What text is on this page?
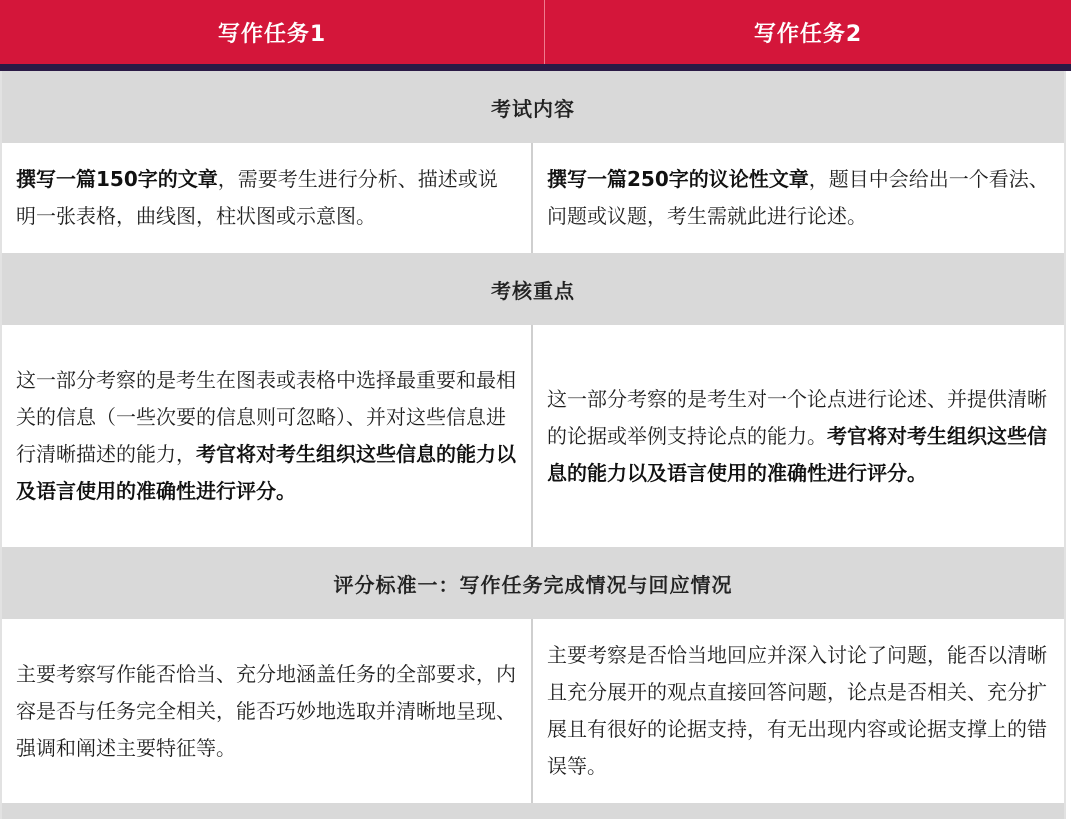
写作任务1	写作任务2
考试内容
撰写一篇150字的文章，需要考生进行分析、描述或说明一张表格，曲线图，柱状图或示意图。
撰写一篇250字的议论性文章，题目中会给出一个看法、问题或议题，考生需就此进行论述。
考核重点
这一部分考察的是考生在图表或表格中选择最重要和最相关的信息（一些次要的信息则可忽略）、并对这些信息进行清晰描述的能力，考官将对考生组织这些信息的能力以及语言使用的准确性进行评分。
这一部分考察的是考生对一个论点进行论述、并提供清晰的论据或举例支持论点的能力。考官将对考生组织这些信息的能力以及语言使用的准确性进行评分。
评分标准一：写作任务完成情况与回应情况
主要考察写作能否恰当、充分地涵盖任务的全部要求，内容是否与任务完全相关，能否巧妙地选取并清晰地呈现、强调和阐述主要特征等。
主要考察是否恰当地回应并深入讨论了问题，能否以清晰且充分展开的观点直接回答问题，论点是否相关、充分扩展且有很好的论据支持，有无出现内容或论据支撑上的错误等。
